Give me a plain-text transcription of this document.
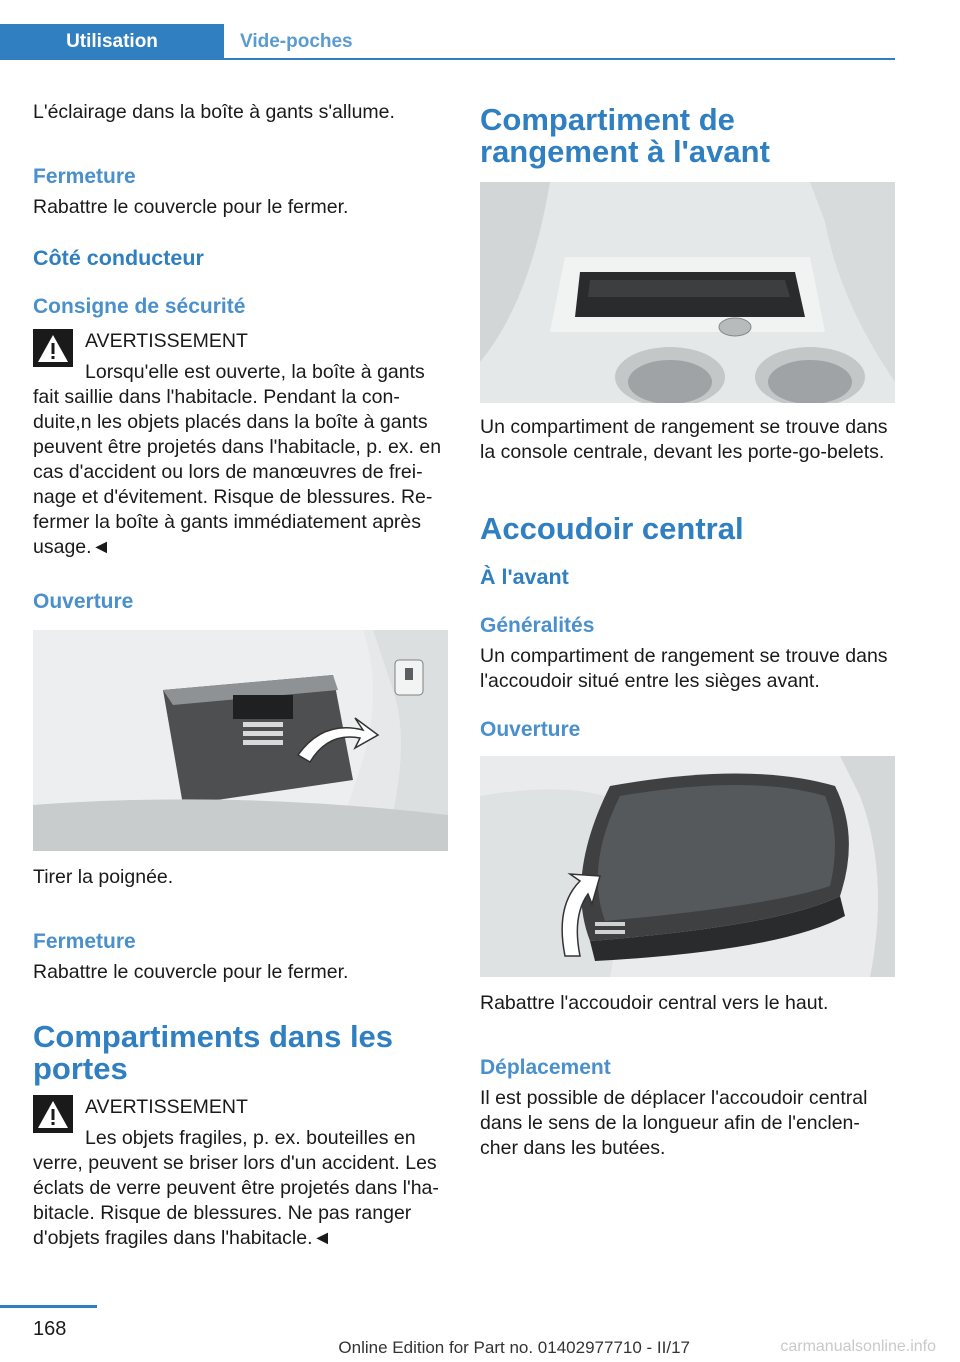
Utilisation	Vide-poches

L'éclairage dans la boîte à gants s'allume.

Fermeture

Rabattre le couvercle pour le fermer.

Côté conducteur
Consigne de sécurité
AVERTISSEMENT

Lorsqu'elle est ouverte, la boîte à gants fait saillie dans l'habitacle. Pendant la con-duite,n les objets placés dans la boîte à gants peuvent être projetés dans l'habitacle, p. ex. en cas d'accident ou lors de manœuvres de frei-nage et d'évitement. Risque de blessures. Re-fermer la boîte à gants immédiatement après usage.◄

Ouverture

Tirer la poignée.

Fermeture

Rabattre le couvercle pour le fermer.

Compartiments dans les portes
AVERTISSEMENT

Les objets fragiles, p. ex. bouteilles en verre, peuvent se briser lors d'un accident. Les éclats de verre peuvent être projetés dans l'ha-bitacle. Risque de blessures. Ne pas ranger d'objets fragiles dans l'habitacle.◄

Compartiment de rangement à l'avant

Un compartiment de rangement se trouve dans la console centrale, devant les porte-go-belets.

Accoudoir central
À l'avant
Généralités

Un compartiment de rangement se trouve dans l'accoudoir situé entre les sièges avant.

Ouverture

Rabattre l'accoudoir central vers le haut.

Déplacement

Il est possible de déplacer l'accoudoir central dans le sens de la longueur afin de l'enclen-cher dans les butées.

168
Online Edition for Part no. 01402977710 - II/17	carmanualsonline.info
